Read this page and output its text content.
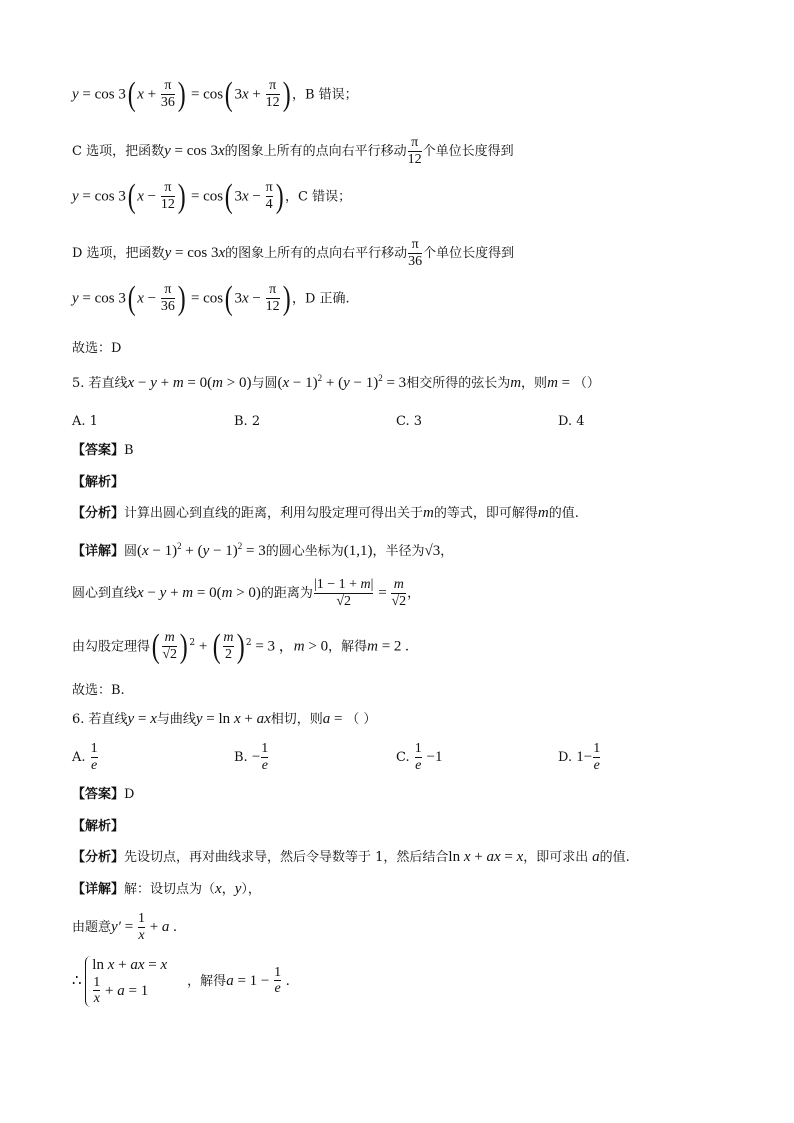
y = cos 3( $x + \frac{\pi}{36}$ ) = cos( $3x + \frac{\pi}{12}$ ) ，B 错误；
C 选项，把函数y = cos 3x的图象上所有的点向右平行移动 $\frac{\pi}{12}$ 个单位长度得到
y = cos 3( $x - \frac{\pi}{12}$ ) = cos( $3x - \frac{\pi}{4}$ ) ，C 错误；
D 选项，把函数y = cos 3x的图象上所有的点向右平行移动 $\frac{\pi}{36}$ 个单位长度得到
y = cos 3( $x - \frac{\pi}{36}$ ) = cos( $3x - \frac{\pi}{12}$ ) ，D 正确.
故选：D
5. 若直线x − y + m = 0(m > 0)与圆$(x - 1)^2 + (y - 1)^2 = 3$相交所得的弦长为m，则m = （）
A. 1	B. 2	C. 3	D. 4
【答案】B
【解析】
【分析】计算出圆心到直线的距离，利用勾股定理可得出关于m的等式，即可解得m的值.
【详解】圆$(x - 1)^2 + (y - 1)^2 = 3$的圆心坐标为(1,1)，半径为√3，
圆心到直线x − y + m = 0(m > 0)的距离为 $\frac{|1 - 1 + m|}{√2} = \frac{m}{√2}$ ，
由勾股定理得( $\frac{m}{√2}$ ) $^2$ + ( $\frac{m}{2}$ ) $^2$ = 3 ，m > 0，解得m = 2 .
故选：B.
6. 若直线y = x与曲线y = ln x + ax相切，则a = （ ）
A. $\frac{1}{e}$	B. − $\frac{1}{e}$	C. $\frac{1}{e} -1$	D. $1- \frac{1}{e}$
【答案】D
【解析】
【分析】先设切点，再对曲线求导，然后令导数等于 1，然后结合ln x + ax = x，即可求出 a的值.
【详解】解：设切点为（x，y），
由题意$y' = \frac{1}{x} + a$ .
∴
ln x + ax = x
$\frac{1}{x} + a = 1$
，解得$a = 1 - \frac{1}{e}$ .
